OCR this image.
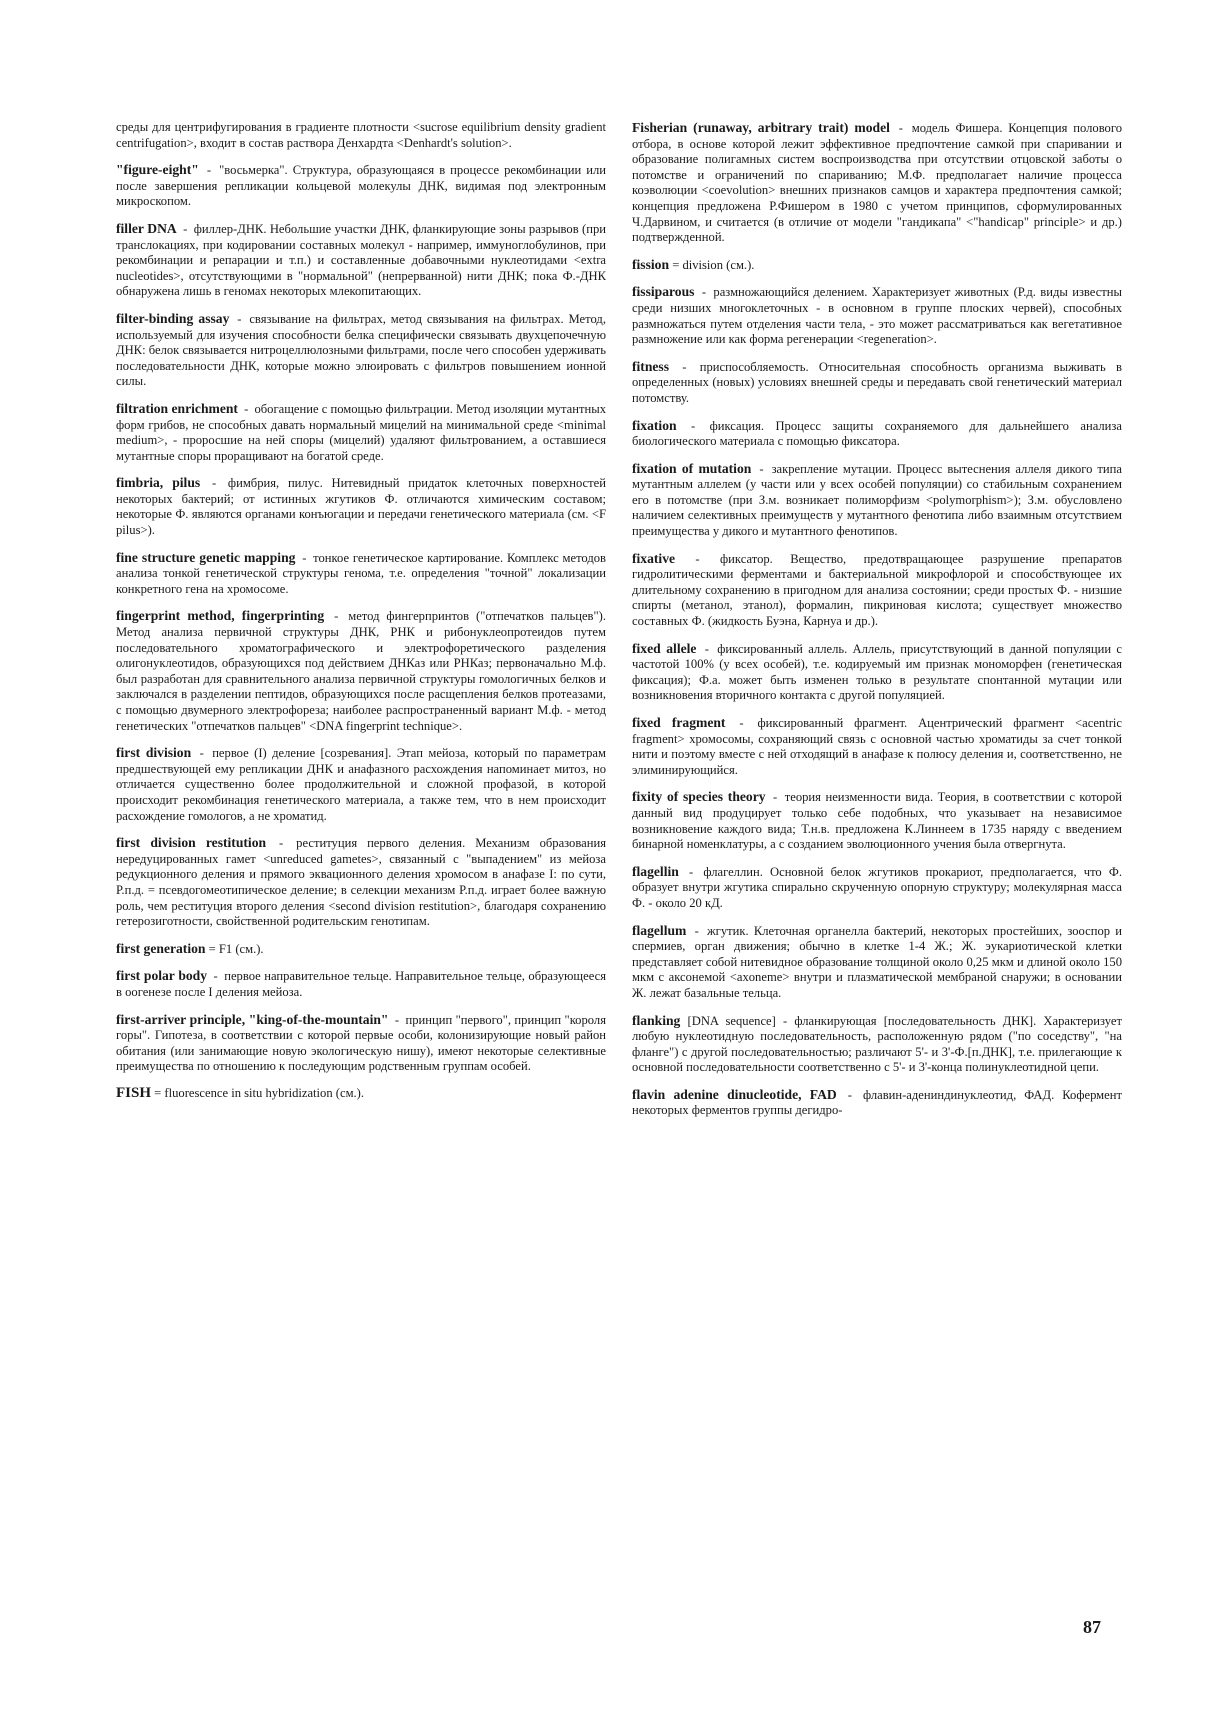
среды для центрифугирования в градиенте плотности <sucrose equilibrium density gradient centrifugation>, входит в состав раствора Денхардта <Denhardt's solution>.

"figure-eight" - "восьмерка". Структура, образующаяся в процессе рекомбинации или после завершения репликации кольцевой молекулы ДНК, видимая под электронным микроскопом.

filler DNA - филлер-ДНК. Небольшие участки ДНК, фланкирующие зоны разрывов (при транслокациях, при кодировании составных молекул - например, иммуноглобулинов, при рекомбинации и репарации и т.п.) и составленные добавочными нуклеотидами <extra nucleotides>, отсутствующими в "нормальной" (непрерванной) нити ДНК; пока Ф.-ДНК обнаружена лишь в геномах некоторых млекопитающих.

filter-binding assay - связывание на фильтрах, метод связывания на фильтрах. Метод, используемый для изучения способности белка специфически связывать двухцепочечную ДНК: белок связывается нитроцеллюлозными фильтрами, после чего способен удерживать последовательности ДНК, которые можно элюировать с фильтров повышением ионной силы.

filtration enrichment - обогащение с помощью фильтрации. Метод изоляции мутантных форм грибов, не способных давать нормальный мицелий на минимальной среде <minimal medium>, - проросшие на ней споры (мицелий) удаляют фильтрованием, а оставшиеся мутантные споры проращивают на богатой среде.

fimbria, pilus - фимбрия, пилус. Нитевидный придаток клеточных поверхностей некоторых бактерий; от истинных жгутиков Ф. отличаются химическим составом; некоторые Ф. являются органами конъюгации и передачи генетического материала (см. <F pilus>).

fine structure genetic mapping - тонкое генетическое картирование. Комплекс методов анализа тонкой генетической структуры генома, т.е. определения "точной" локализации конкретного гена на хромосоме.

fingerprint method, fingerprinting - метод фингерпринтов ("отпечатков пальцев"). Метод анализа первичной структуры ДНК, РНК и рибонуклеопротеидов путем последовательного хроматографического и электрофоретического разделения олигонуклеотидов, образующихся под действием ДНКаз или РНКаз; первоначально М.ф. был разработан для сравнительного анализа первичной структуры гомологичных белков и заключался в разделении пептидов, образующихся после расщепления белков протеазами, с помощью двумерного электрофореза; наиболее распространенный вариант М.ф. - метод генетических "отпечатков пальцев" <DNA fingerprint technique>.

first division - первое (I) деление [созревания]. Этап мейоза, который по параметрам предшествующей ему репликации ДНК и анафазного расхождения напоминает митоз, но отличается существенно более продолжительной и сложной профазой, в которой происходит рекомбинация генетического материала, а также тем, что в нем происходит расхождение гомологов, а не хроматид.

first division restitution - реституция первого деления. Механизм образования нередуцированных гамет <unreduced gametes>, связанный с "выпадением" из мейоза редукционного деления и прямого эквационного деления хромосом в анафазе I: по сути, Р.п.д. = псевдогомеотипическое деление; в селекции механизм Р.п.д. играет более важную роль, чем реституция второго деления <second division restitution>, благодаря сохранению гетерозиготности, свойственной родительским генотипам.

first generation = F1 (см.).

first polar body - первое направительное тельце. Направительное тельце, образующееся в оогенезе после I деления мейоза.

first-arriver principle, "king-of-the-mountain" - принцип "первого", принцип "короля горы". Гипотеза, в соответствии с которой первые особи, колонизирующие новый район обитания (или занимающие новую экологическую нишу), имеют некоторые селективные преимущества по отношению к последующим родственным группам особей.

FISH = fluorescence in situ hybridization (см.).

Fisherian (runaway, arbitrary trait) model - модель Фишера. Концепция полового отбора, в основе которой лежит эффективное предпочтение самкой при спаривании и образование полигамных систем воспроизводства при отсутствии отцовской заботы о потомстве и ограничений по спариванию; М.Ф. предполагает наличие процесса коэволюции <coevolution> внешних признаков самцов и характера предпочтения самкой; концепция предложена Р.Фишером в 1980 с учетом принципов, сформулированных Ч.Дарвином, и считается (в отличие от модели "гандикапа" <"handicap" principle> и др.) подтвержденной.

fission = division (см.).

fissiparous - размножающийся делением. Характеризует животных (Р.д. виды известны среди низших многоклеточных - в основном в группе плоских червей), способных размножаться путем отделения части тела, - это может рассматриваться как вегетативное размножение или как форма регенерации <regeneration>.

fitness - приспособляемость. Относительная способность организма выживать в определенных (новых) условиях внешней среды и передавать свой генетический материал потомству.

fixation - фиксация. Процесс защиты сохраняемого для дальнейшего анализа биологического материала с помощью фиксатора.

fixation of mutation - закрепление мутации. Процесс вытеснения аллеля дикого типа мутантным аллелем (у части или у всех особей популяции) со стабильным сохранением его в потомстве (при З.м. возникает полиморфизм <polymorphism>); З.м. обусловлено наличием селективных преимуществ у мутантного фенотипа либо взаимным отсутствием преимущества у дикого и мутантного фенотипов.

fixative - фиксатор. Вещество, предотвращающее разрушение препаратов гидролитическими ферментами и бактериальной микрофлорой и способствующее их длительному сохранению в пригодном для анализа состоянии; среди простых Ф. - низшие спирты (метанол, этанол), формалин, пикриновая кислота; существует множество составных Ф. (жидкость Буэна, Карнуа и др.).

fixed allele - фиксированный аллель. Аллель, присутствующий в данной популяции с частотой 100% (у всех особей), т.е. кодируемый им признак мономорфен (генетическая фиксация); Ф.а. может быть изменен только в результате спонтанной мутации или возникновения вторичного контакта с другой популяцией.

fixed fragment - фиксированный фрагмент. Ацентрический фрагмент <acentric fragment> хромосомы, сохраняющий связь с основной частью хроматиды за счет тонкой нити и поэтому вместе с ней отходящий в анафазе к полюсу деления и, соответственно, не элиминирующийся.

fixity of species theory - теория неизменности вида. Теория, в соответствии с которой данный вид продуцирует только себе подобных, что указывает на независимое возникновение каждого вида; Т.н.в. предложена К.Линнеем в 1735 наряду с введением бинарной номенклатуры, а с созданием эволюционного учения была отвергнута.

flagellin - флагеллин. Основной белок жгутиков прокариот, предполагается, что Ф. образует внутри жгутика спирально скрученную опорную структуру; молекулярная масса Ф. - около 20 кД.

flagellum - жгутик. Клеточная органелла бактерий, некоторых простейших, зооспор и спермиев, орган движения; обычно в клетке 1-4 Ж.; Ж. эукариотической клетки представляет собой нитевидное образование толщиной около 0,25 мкм и длиной около 150 мкм с аксонемой <axoneme> внутри и плазматической мембраной снаружи; в основании Ж. лежат базальные тельца.

flanking [DNA sequence] - фланкирующая [последовательность ДНК]. Характеризует любую нуклеотидную последовательность, расположенную рядом ("по соседству", "на фланге") с другой последовательностью; различают 5'- и 3'-Ф.[п.ДНК], т.е. прилегающие к основной последовательности соответственно с 5'- и 3'-конца полинуклеотидной цепи.

flavin adenine dinucleotide, FAD - флавин-адениндинуклеотид, ФАД. Кофермент некоторых ферментов группы дегидро-

87
